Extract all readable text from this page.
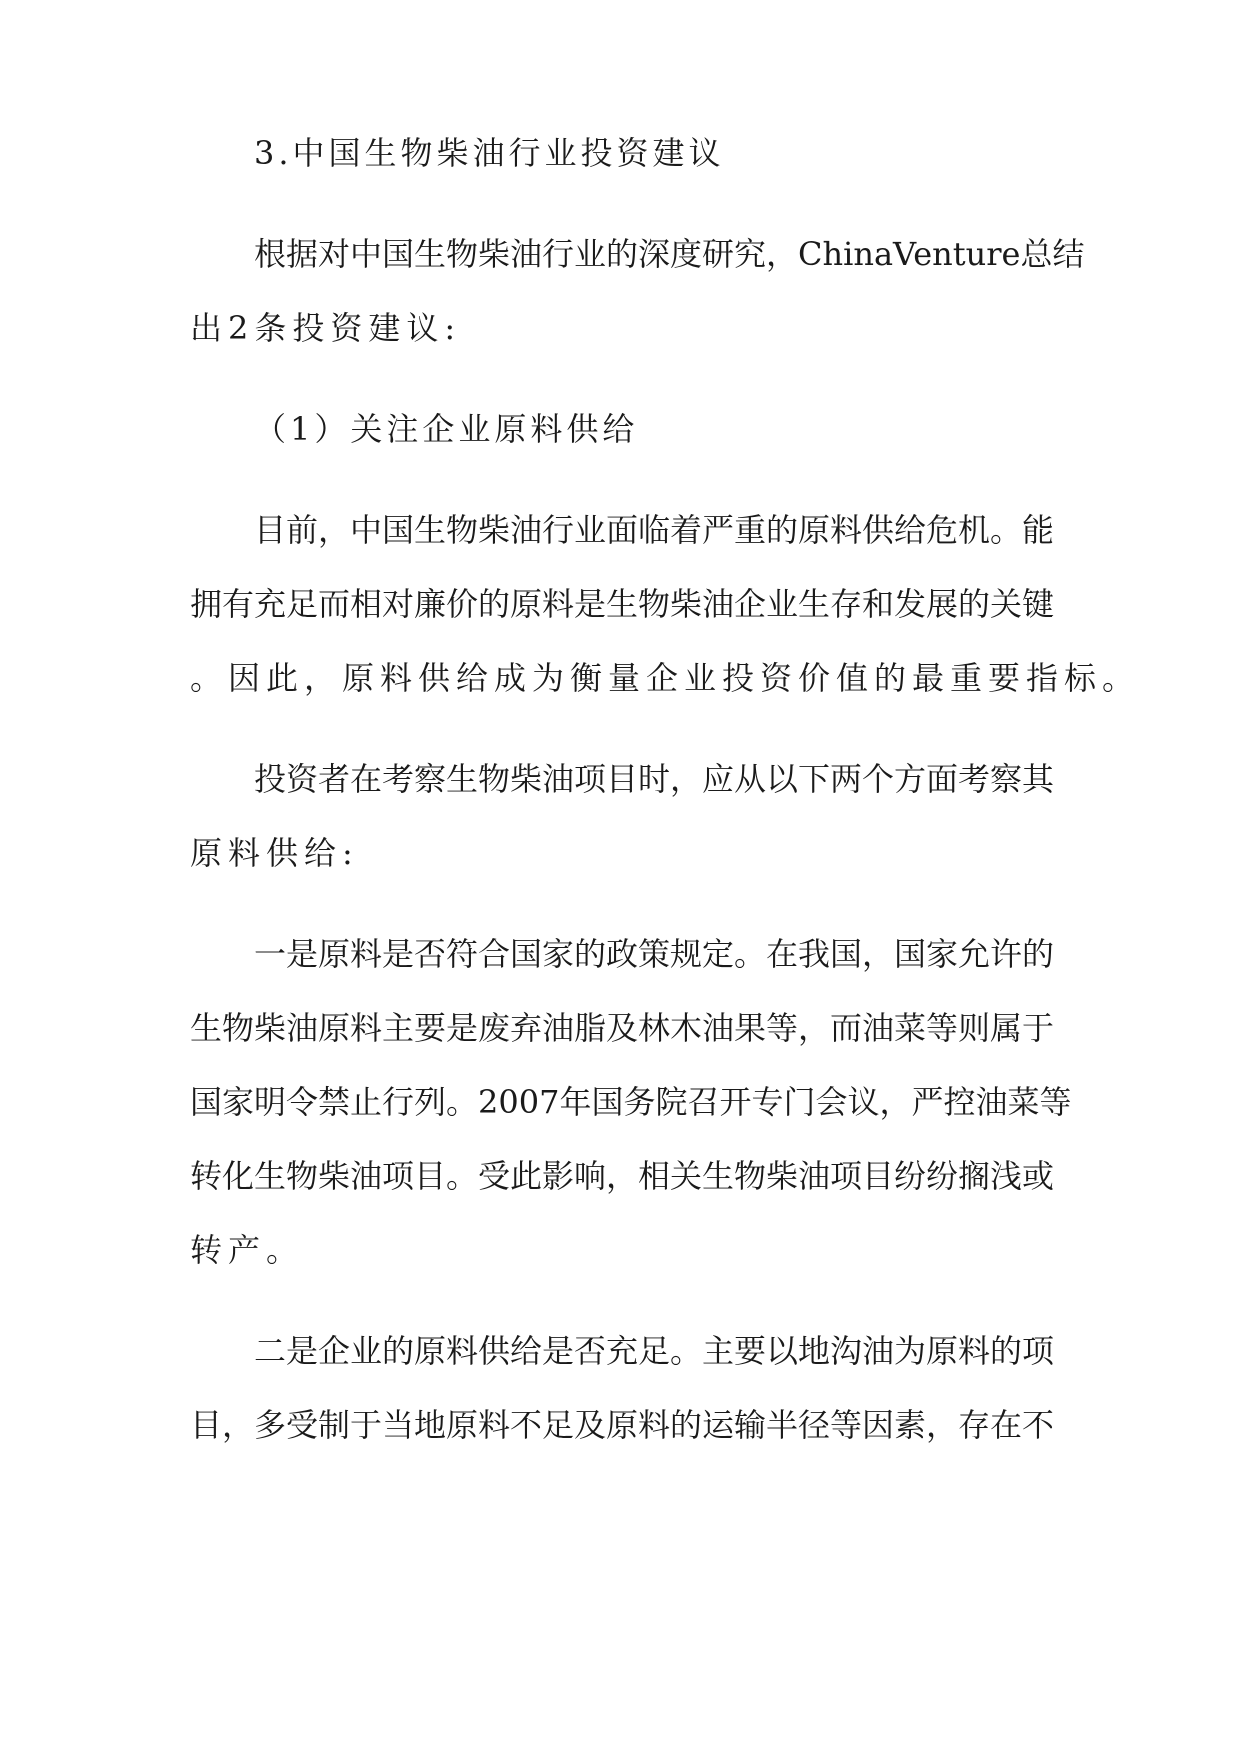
3.中国生物柴油行业投资建议
根据对中国生物柴油行业的深度研究，ChinaVenture总结
出2条投资建议:
（1）关注企业原料供给
目前，中国生物柴油行业面临着严重的原料供给危机。能
拥有充足而相对廉价的原料是生物柴油企业生存和发展的关键
。因此，原料供给成为衡量企业投资价值的最重要指标。
投资者在考察生物柴油项目时，应从以下两个方面考察其
原料供给:
一是原料是否符合国家的政策规定。在我国，国家允许的
生物柴油原料主要是废弃油脂及林木油果等，而油菜等则属于
国家明令禁止行列。2007年国务院召开专门会议，严控油菜等
转化生物柴油项目。受此影响，相关生物柴油项目纷纷搁浅或
转产。
二是企业的原料供给是否充足。主要以地沟油为原料的项
目，多受制于当地原料不足及原料的运输半径等因素，存在不
